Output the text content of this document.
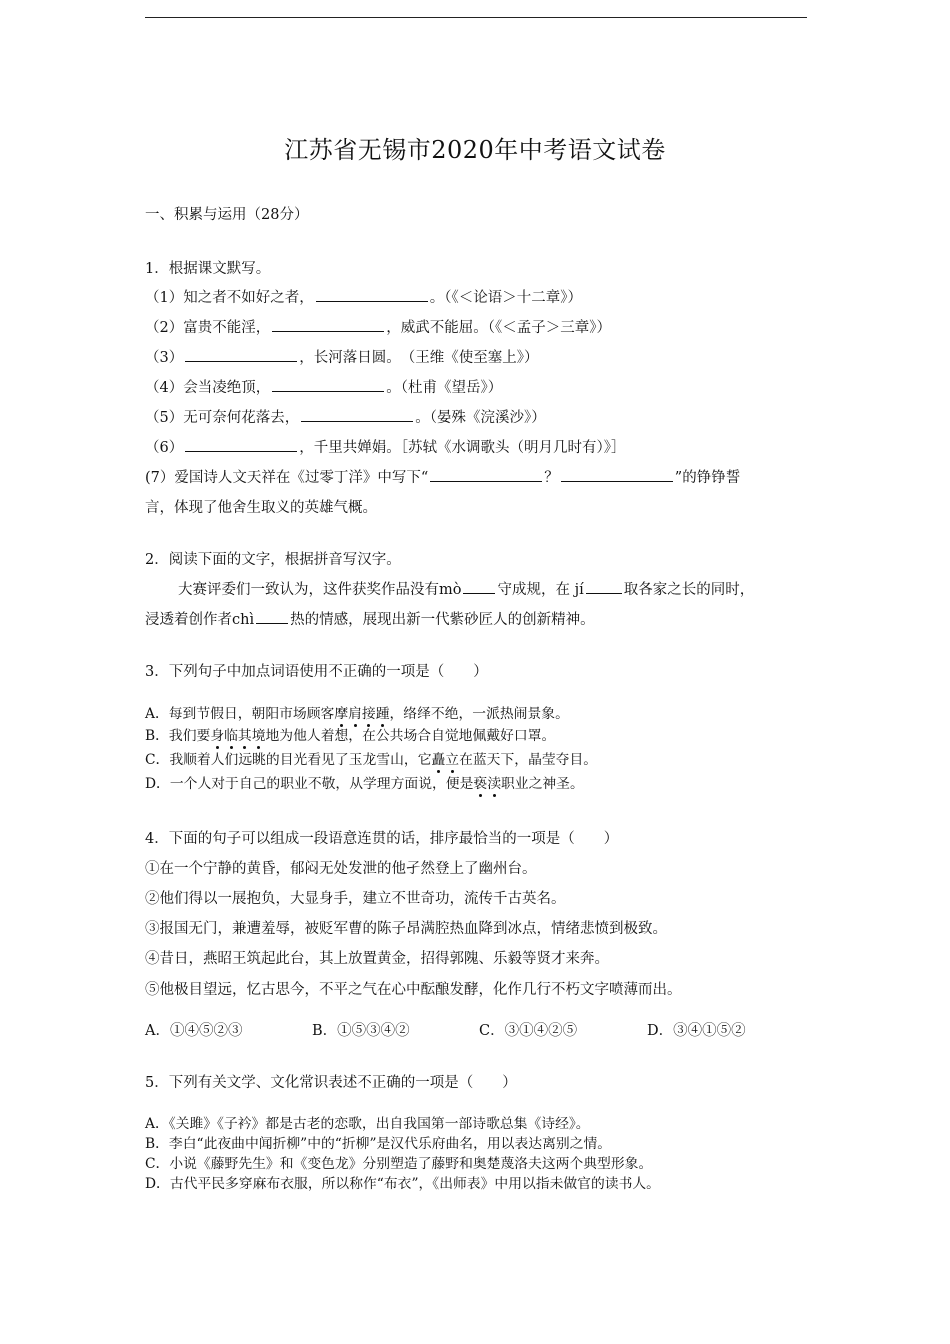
江苏省无锡市2020年中考语文试卷
一、积累与运用（28分）
1．根据课文默写。
（1）知之者不如好之者，	。（《＜论语＞十二章》）
（2）富贵不能淫，	，威武不能屈。（《＜孟子＞三章》）
（3）	，长河落日圆。　（王维《使至塞上》）
（4）会当凌绝顶，	。（杜甫《望岳》）
（5）无可奈何花落去，	。（晏殊《浣溪沙》）
（6）	，千里共婵娟。［苏轼《水调歌头（明月几时有）》］
(7）爱国诗人文天祥在《过零丁洋》中写下“	？	”的铮铮誓
言，体现了他舍生取义的英雄气概。
2．阅读下面的文字，根据拼音写汉字。
大赛评委们一致认为，这件获奖作品没有mò 守成规，在 jí	取各家之长的同时，
浸透着创作者chì 热的情感，展现出新一代紫砂匠人的创新精神。
3．下列句子中加点词语使用不正确的一项是（　　）
A．每到节假日，朝阳市场顾客摩肩接踵，络绎不绝，一派热闹景象。
B．我们要身临其境地为他人着想，在公共场合自觉地佩戴好口罩。
C．我顺着人们远眺的目光看见了玉龙雪山，它矗立在蓝天下，晶莹夺目。
D．一个人对于自己的职业不敬，从学理方面说，便是亵渎职业之神圣。
4．下面的句子可以组成一段语意连贯的话，排序最恰当的一项是（　　）
①在一个宁静的黄昏，郁闷无处发泄的他孑然登上了幽州台。
②他们得以一展抱负，大显身手，建立不世奇功，流传千古英名。
③报国无门，兼遭羞辱，被贬军曹的陈子昂满腔热血降到冰点，情绪悲愤到极致。
④昔日，燕昭王筑起此台，其上放置黄金，招得郭隗、乐毅等贤才来奔。
⑤他极目望远，忆古思今，不平之气在心中酝酿发酵，化作几行不朽文字喷薄而出。
A．①④⑤②③	B．①⑤③④②	C．③①④②⑤	D．③④①⑤②
5．下列有关文学、文化常识表述不正确的一项是（　　）
A．《关雎》《子衿》都是古老的恋歌，出自我国第一部诗歌总集《诗经》。
B．李白“此夜曲中闻折柳”中的“折柳”是汉代乐府曲名，用以表达离别之情。
C．小说《藤野先生》和《变色龙》分别塑造了藤野和奥楚蔑洛夫这两个典型形象。
D．古代平民多穿麻布衣服，所以称作“布衣”，《出师表》中用以指未做官的读书人。
